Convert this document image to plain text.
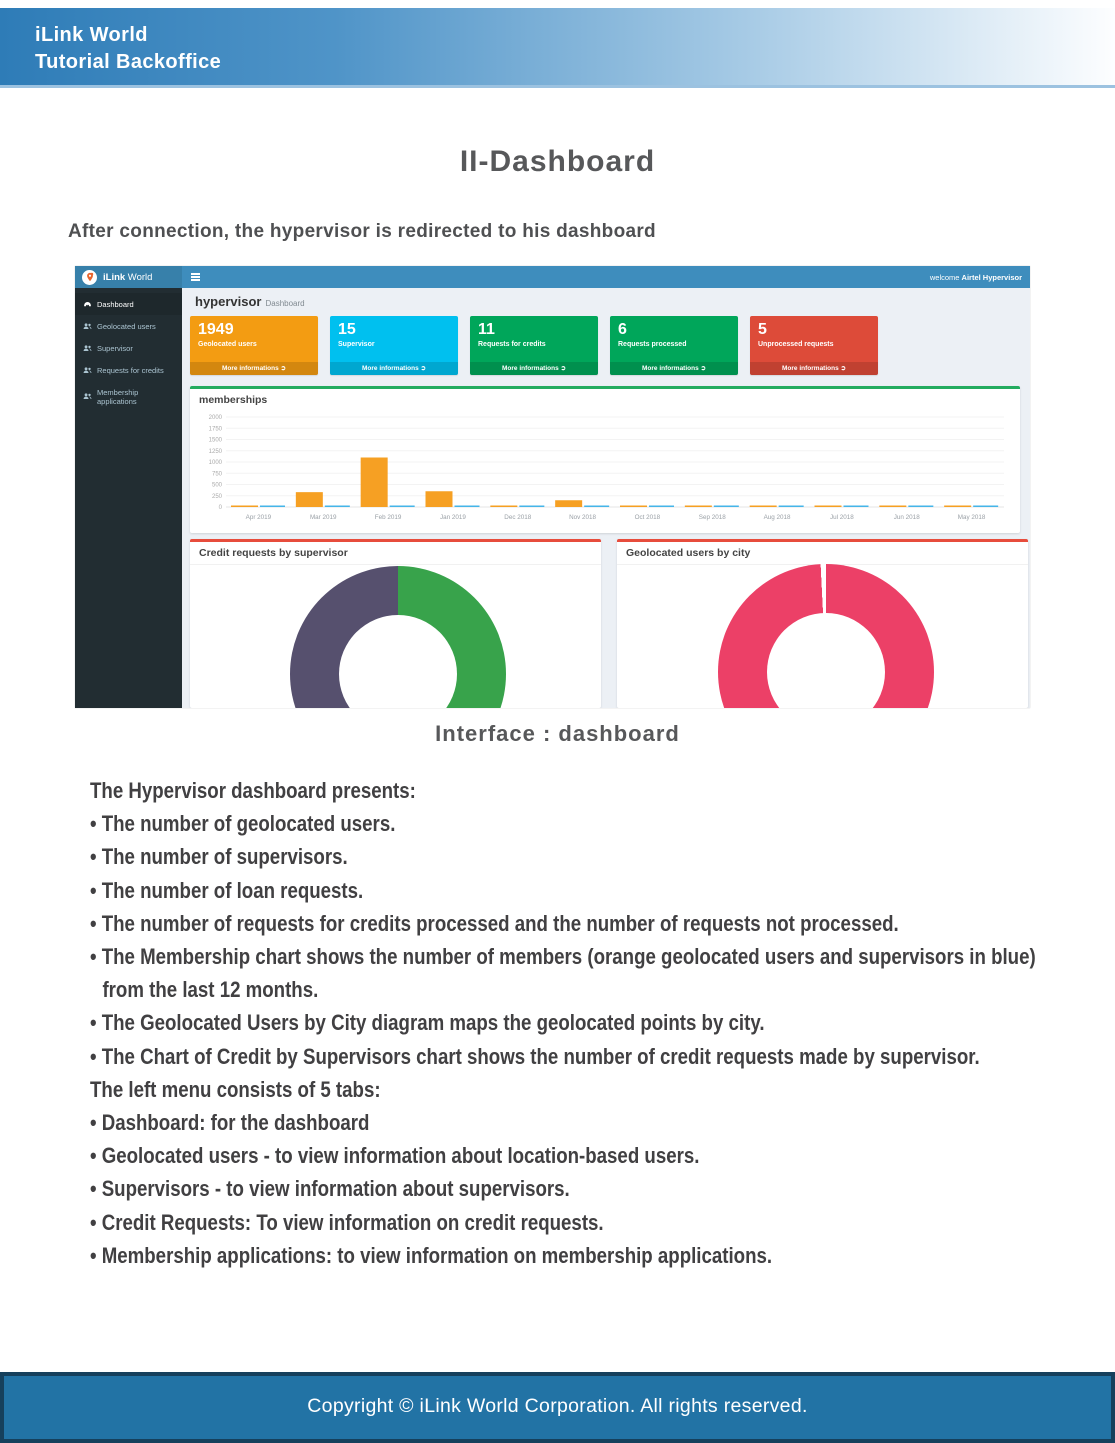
iLink World
Tutorial Backoffice
II-Dashboard
After connection, the hypervisor is redirected to his dashboard
iLink World	welcome Airtel Hypervisor
Dashboard
Geolocated users
Supervisor
Requests for credits
Membership applications
hypervisor Dashboard
1949
Geolocated users
More informations ➲
15
Supervisor
More informations ➲
11
Requests for credits
More informations ➲
6
Requests processed
More informations ➲
5
Unprocessed requests
More informations ➲
memberships
0
250
500
750
1000
1250
1500
1750
2000
Apr 2019	Mar 2019	Feb 2019	Jan 2019	Dec 2018	Nov 2018	Oct 2018	Sep 2018	Aug 2018	Jul 2018	Jun 2018	May 2018
Credit requests by supervisor	Geolocated users by city
Interface : dashboard
The Hypervisor dashboard presents:
• The number of geolocated users.
• The number of supervisors.
• The number of loan requests.
• The number of requests for credits processed and the number of requests not processed.
• The Membership chart shows the number of members (orange geolocated users and supervisors in blue)
from the last 12 months.
• The Geolocated Users by City diagram maps the geolocated points by city.
• The Chart of Credit by Supervisors chart shows the number of credit requests made by supervisor.
The left menu consists of 5 tabs:
• Dashboard: for the dashboard
• Geolocated users - to view information about location-based users.
• Supervisors - to view information about supervisors.
• Credit Requests: To view information on credit requests.
• Membership applications: to view information on membership applications.
Copyright © iLink World Corporation. All rights reserved.
